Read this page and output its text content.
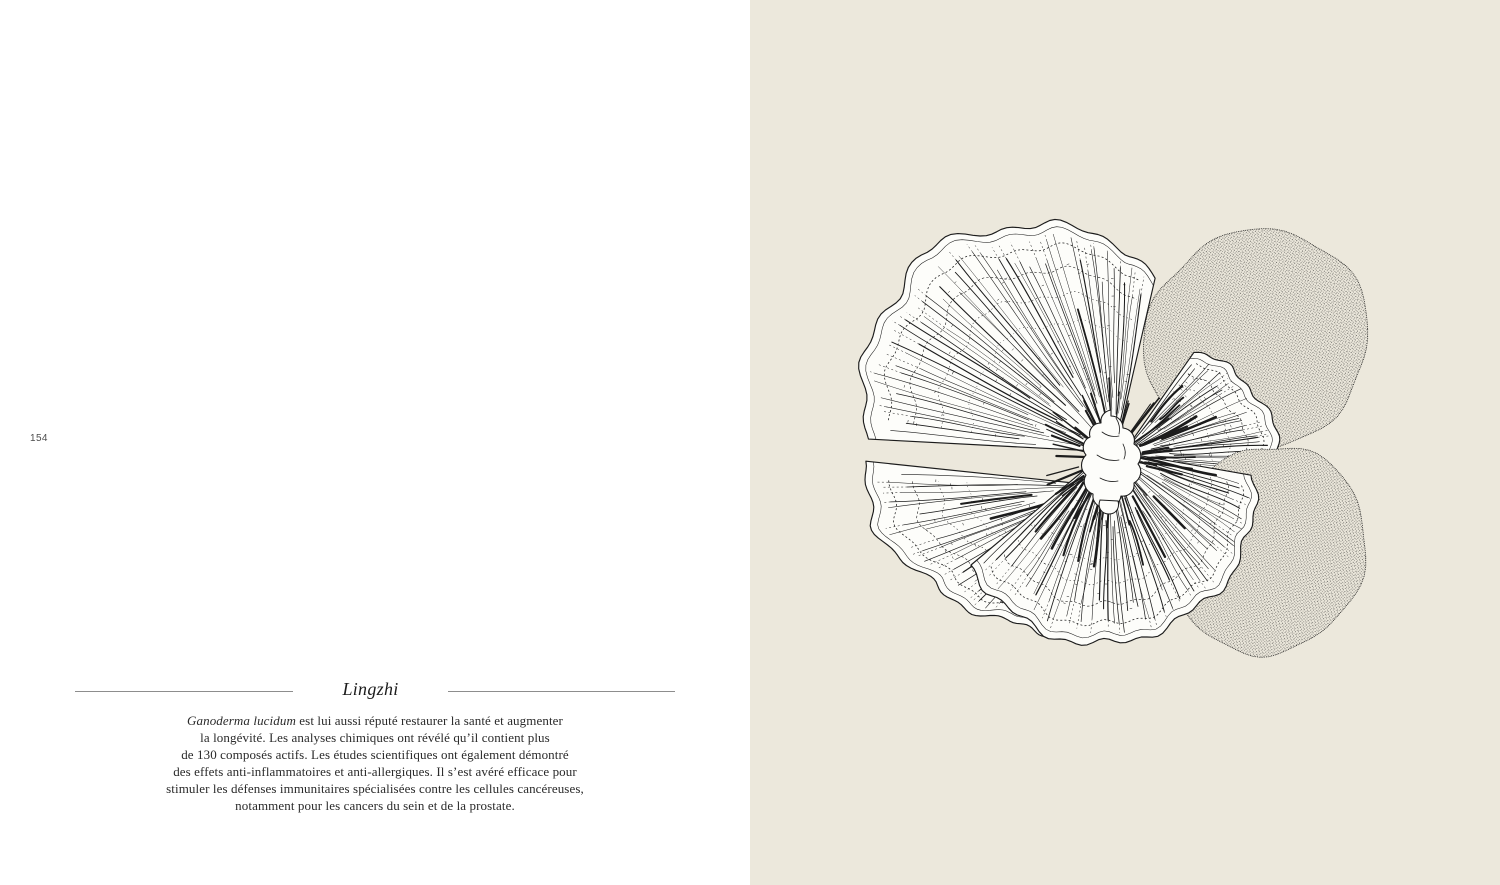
154
Lingzhi
Ganoderma lucidum est lui aussi réputé restaurer la santé et augmenter
la longévité. Les analyses chimiques ont révélé qu’il contient plus
de 130 composés actifs. Les études scientifiques ont également démontré
des effets anti-inflammatoires et anti-allergiques. Il s’est avéré efficace pour
stimuler les défenses immunitaires spécialisées contre les cellules cancéreuses,
notamment pour les cancers du sein et de la prostate.
